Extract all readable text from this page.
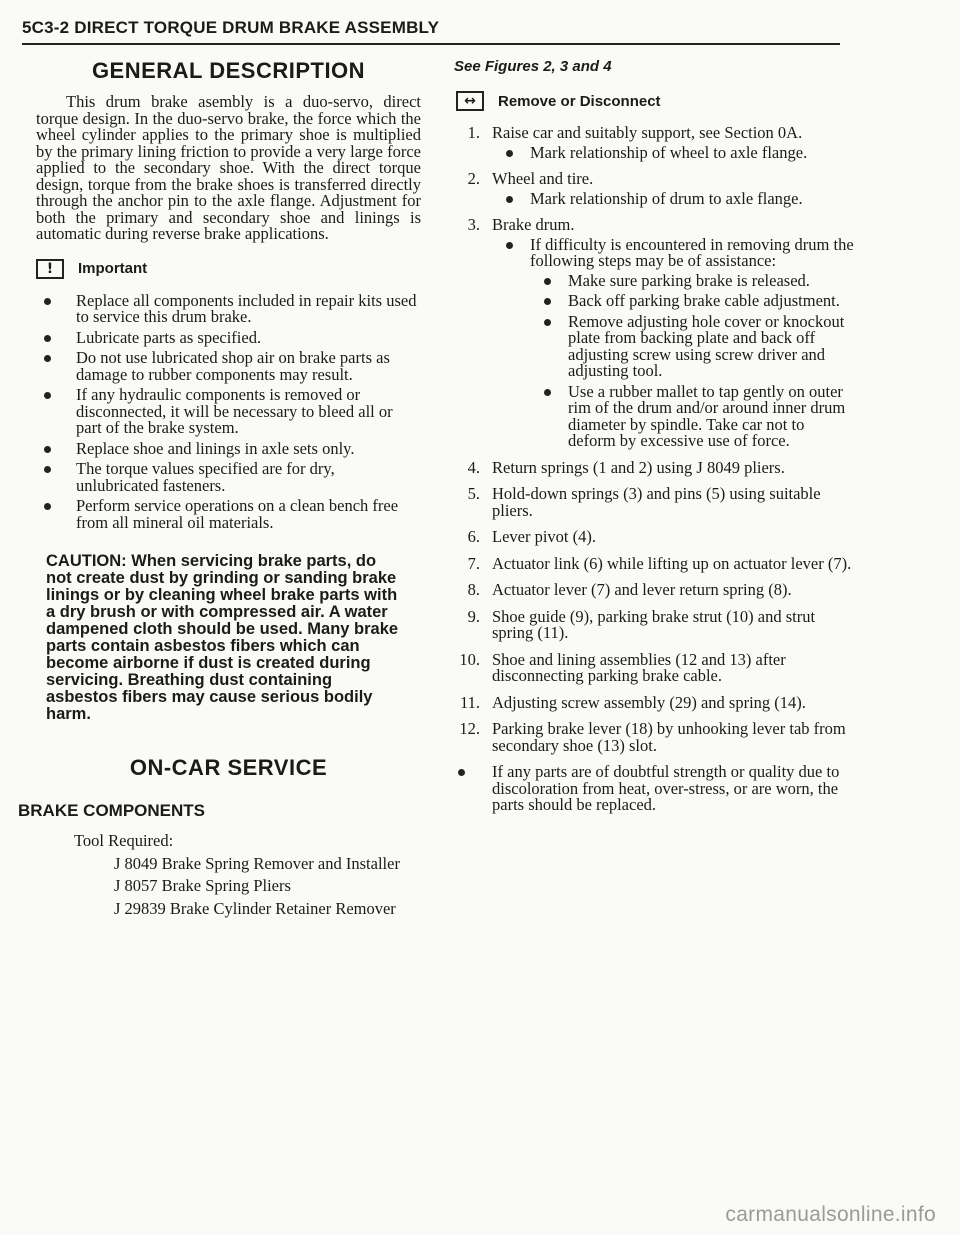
5C3-2 DIRECT TORQUE DRUM BRAKE ASSEMBLY
GENERAL DESCRIPTION

This drum brake asembly is a duo-servo, direct torque design. In the duo-servo brake, the force which the wheel cylinder applies to the primary shoe is multiplied by the primary lining friction to provide a very large force applied to the secondary shoe. With the direct torque design, torque from the brake shoes is transferred directly through the anchor pin to the axle flange. Adjustment for both the primary and secondary shoe and linings is automatic during reverse brake applications.

! Important
Replace all components included in repair kits used to service this drum brake.
Lubricate parts as specified.
Do not use lubricated shop air on brake parts as damage to rubber components may result.
If any hydraulic components is removed or disconnected, it will be necessary to bleed all or part of the brake system.
Replace shoe and linings in axle sets only.
The torque values specified are for dry, unlubricated fasteners.
Perform service operations on a clean bench free from all mineral oil materials.
CAUTION: When servicing brake parts, do not create dust by grinding or sanding brake linings or by cleaning wheel brake parts with a dry brush or with compressed air. A water dampened cloth should be used. Many brake parts contain asbestos fibers which can become airborne if dust is created during servicing. Breathing dust containing asbestos fibers may cause serious bodily harm.
ON-CAR SERVICE
BRAKE COMPONENTS
Tool Required:
J 8049 Brake Spring Remover and Installer
J 8057 Brake Spring Pliers
J 29839 Brake Cylinder Retainer Remover
See Figures 2, 3 and 4
↔ Remove or Disconnect
1. Raise car and suitably support, see Section 0A.
Mark relationship of wheel to axle flange.
2. Wheel and tire.
Mark relationship of drum to axle flange.
3. Brake drum.
If difficulty is encountered in removing drum the following steps may be of assistance:
Make sure parking brake is released.
Back off parking brake cable adjustment.
Remove adjusting hole cover or knockout plate from backing plate and back off adjusting screw using screw driver and adjusting tool.
Use a rubber mallet to tap gently on outer rim of the drum and/or around inner drum diameter by spindle. Take car not to deform by excessive use of force.
4. Return springs (1 and 2) using J 8049 pliers.
5. Hold-down springs (3) and pins (5) using suitable pliers.
6. Lever pivot (4).
7. Actuator link (6) while lifting up on actuator lever (7).
8. Actuator lever (7) and lever return spring (8).
9. Shoe guide (9), parking brake strut (10) and strut spring (11).
10. Shoe and lining assemblies (12 and 13) after disconnecting parking brake cable.
11. Adjusting screw assembly (29) and spring (14).
12. Parking brake lever (18) by unhooking lever tab from secondary shoe (13) slot.
If any parts are of doubtful strength or quality due to discoloration from heat, over-stress, or are worn, the parts should be replaced.
carmanualsonline.info
